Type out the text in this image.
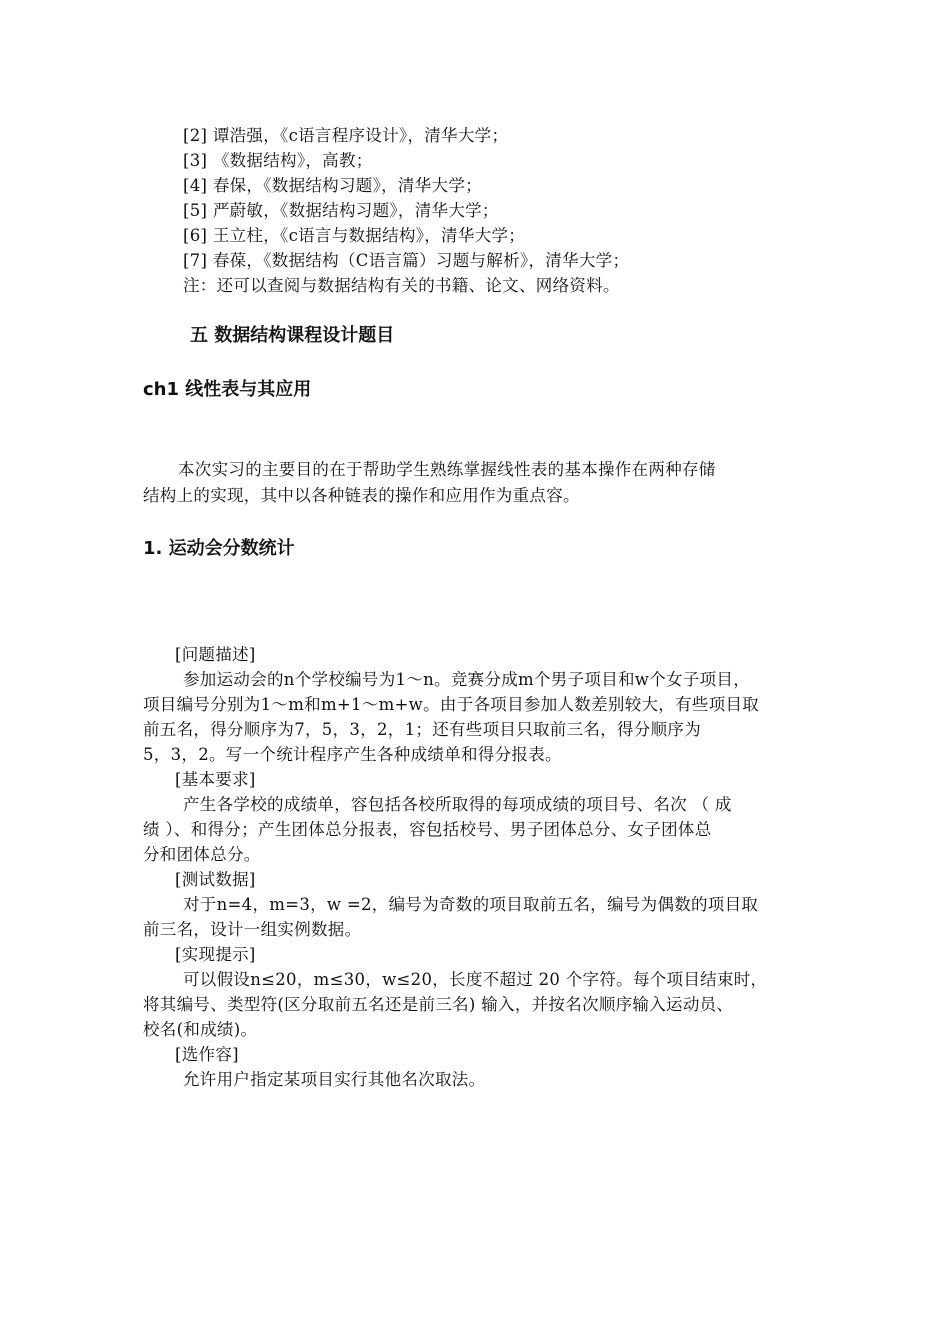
[2] 谭浩强，《c语言程序设计》，清华大学；
[3] 《数据结构》，高教；
[4] 春保，《数据结构习题》，清华大学；
[5] 严蔚敏，《数据结构习题》，清华大学；
[6] 王立柱，《c语言与数据结构》，清华大学；
[7] 春葆，《数据结构（C语言篇）习题与解析》，清华大学；
注：还可以查阅与数据结构有关的书籍、论文、网络资料。
五 数据结构课程设计题目
ch1 线性表与其应用
本次实习的主要目的在于帮助学生熟练掌握线性表的基本操作在两种存储
结构上的实现，其中以各种链表的操作和应用作为重点容。
1. 运动会分数统计
[问题描述]
参加运动会的n个学校编号为1～n。竞赛分成m个男子项目和w个女子项目，
项目编号分别为1～m和m+1～m+w。由于各项目参加人数差别较大，有些项目取
前五名，得分顺序为7，5，3，2，1；还有些项目只取前三名，得分顺序为
5，3，2。写一个统计程序产生各种成绩单和得分报表。
[基本要求]
产生各学校的成绩单，容包括各校所取得的每项成绩的项目号、名次 （ 成
绩 ）、和得分；产生团体总分报表，容包括校号、男子团体总分、女子团体总
分和团体总分。
[测试数据]
对于n=4，m=3，w =2，编号为奇数的项目取前五名，编号为偶数的项目取
前三名，设计一组实例数据。
[实现提示]
可以假设n≤20，m≤30，w≤20，长度不超过 20 个字符。每个项目结束时，
将其编号、类型符(区分取前五名还是前三名) 输入，并按名次顺序输入运动员、
校名(和成绩)。
[选作容]
允许用户指定某项目实行其他名次取法。
